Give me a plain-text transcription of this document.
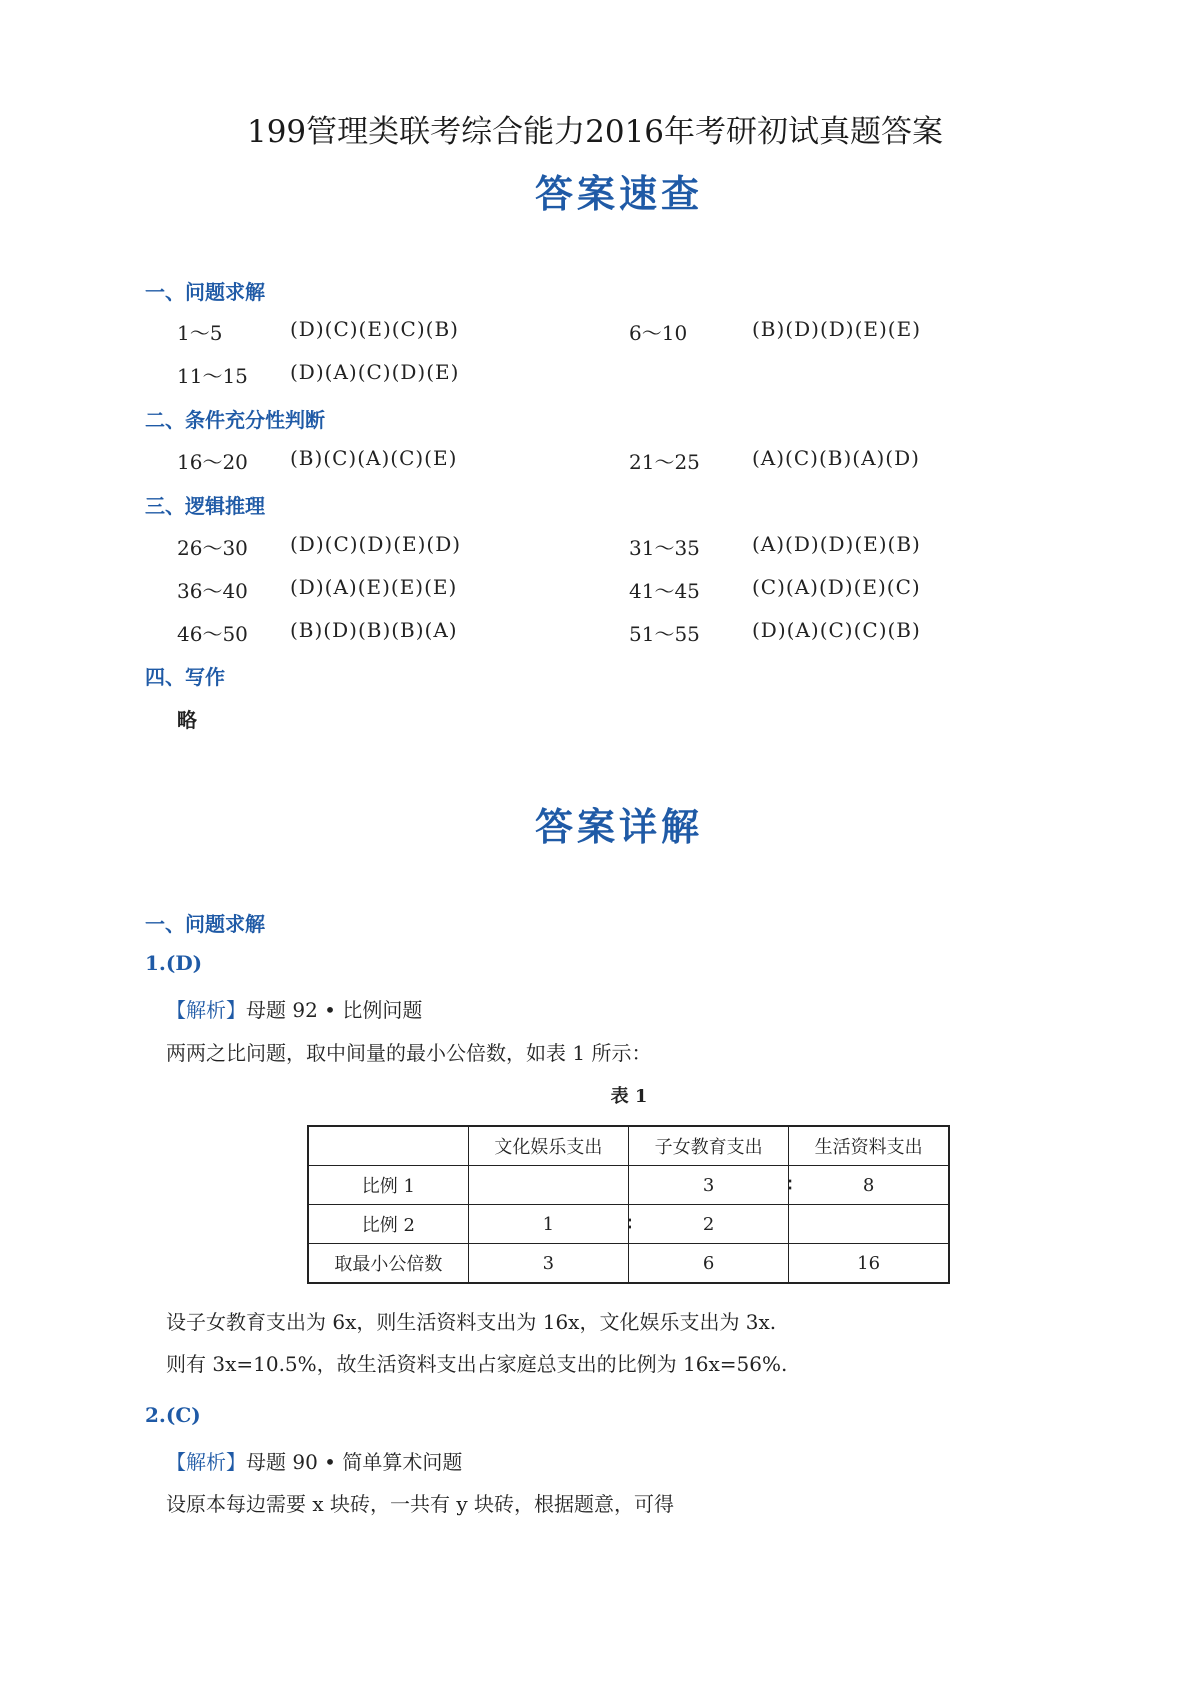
199管理类联考综合能力2016年考研初试真题答案
答案速查
一、问题求解
1～5	(D)(C)(E)(C)(B)	6～10	(B)(D)(D)(E)(E)
11～15 (D)(A)(C)(D)(E)
二、条件充分性判断
16～20 (B)(C)(A)(C)(E)	21～25	(A)(C)(B)(A)(D)
三、逻辑推理
26～30 (D)(C)(D)(E)(D)	31～35	(A)(D)(D)(E)(B)
36～40 (D)(A)(E)(E)(E)	41～45	(C)(A)(D)(E)(C)
46～50 (B)(D)(B)(B)(A)	51～55	(D)(A)(C)(C)(B)
四、写作
略
答案详解
一、问题求解
1.(D)
【解析】母题 92 • 比例问题
两两之比问题，取中间量的最小公倍数，如表 1 所示：
表 1
	文化娱乐支出	子女教育支出	生活资料支出
比例 1		3 ∶	8
比例 2	1 ∶	2	
取最小公倍数	3	6	16
设子女教育支出为 6x，则生活资料支出为 16x，文化娱乐支出为 3x.
则有 3x=10.5%，故生活资料支出占家庭总支出的比例为 16x=56%.
2.(C)
【解析】母题 90 • 简单算术问题
设原本每边需要 x 块砖，一共有 y 块砖，根据题意，可得
